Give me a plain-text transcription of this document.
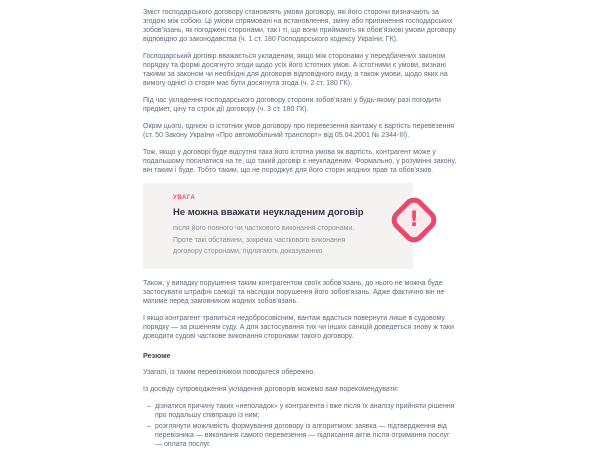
Зміст господарського договору становлять умови договору, які його сторони визначають за згодою між собою. Ці умови спрямовані на встановлення, зміну або припинення господарських зобов’язань, як погоджені сторонами, так і ті, що вони приймають як обов’язкові умови договору відповідно до законодавства (ч. 1 ст. 180 Господарського кодексу України; ГК).

Господарський договір вважається укладеним, якщо між сторонами у передбачених законом порядку та формі досягнуто згоди щодо усіх його істотних умов. А істотними є умови, визнані такими за законом чи необхідні для договорів відповідного виду, а також умови, щодо яких на вимогу однієї із сторін має бути досягнута згода (ч. 2 ст. 180 ГК).

Під час укладення господарського договору сторони зобов’язані у будь-якому разі погодити предмет, ціну та строк дії договору (ч. 3 ст. 180 ГК).

Окрім цього, однією із істотних умов договору про перевезення вантажу є вартість перевезення (ст. 50 Закону України «Про автомобільний транспорт» від 05.04.2001 № 2344-ІІІ).

Тож, якщо у договорі буде відсутня така його істотна умова як вартість, контрагент може у подальшому посилатися на те, що такий договір є неукладеним. Формально, у розумінні закону, він таким і буде. Тобто таким, що не породжує для його сторін жодних прав та обов’язків.

УВАГА
Не можна вважати неукладеним договір
після його повного чи часткового виконання сторонами. Проте такі обставини, зокрема часткового виконання договору сторонами, підлягають доказуванню
!

Також, у випадку порушення таким контрагентом своїх зобов’язань, до нього не можна буде застосувати штрафні санкції та наслідки порушення його зобов’язань. Адже фактично він не матиме перед замовником жодних зобов’язань.

І якщо контрагент трапиться недобросовісним, вантаж вдасться повернути лише в судовому порядку — за рішенням суду. А для застосування тих чи інших санкцій доведеться знову ж таки доводити судові часткове виконання сторонами такого договору.

Резюме

Узагалі, із таким перевізником поводьтеся обережно.

Із досвіду супроводження укладення договорів можемо вам порекомендувати:

– дізнатися причину таких «неполадок» у контрагента і вже після їх аналізу прийняти рішення про подальшу співпрацю із ним;
– розглянути можливість формування договору із алгоритмом: заявка — підтвердження від перевізника — виконання самого перевезення — підписання актів після отримання послуг — оплата послуг.
